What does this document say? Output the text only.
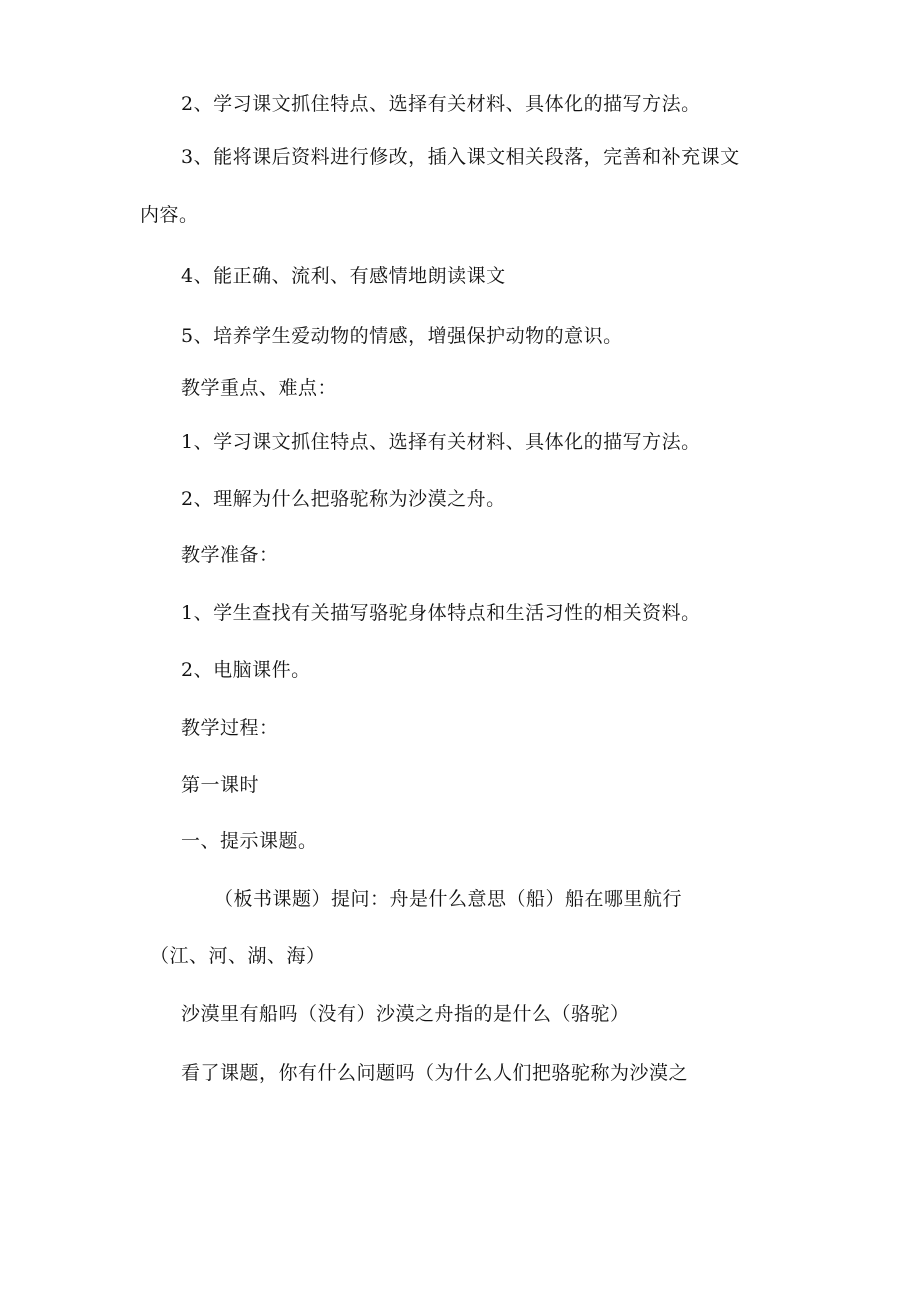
2、学习课文抓住特点、选择有关材料、具体化的描写方法。
3、能将课后资料进行修改，插入课文相关段落，完善和补充课文
内容。
4、能正确、流利、有感情地朗读课文
5、培养学生爱动物的情感，增强保护动物的意识。
教学重点、难点：
1、学习课文抓住特点、选择有关材料、具体化的描写方法。
2、理解为什么把骆驼称为沙漠之舟。
教学准备：
1、学生查找有关描写骆驼身体特点和生活习性的相关资料。
2、电脑课件。
教学过程：
第一课时
一、提示课题。
（板书课题）提问：舟是什么意思（船）船在哪里航行
（江、河、湖、海）
沙漠里有船吗（没有）沙漠之舟指的是什么（骆驼）
看了课题，你有什么问题吗（为什么人们把骆驼称为沙漠之
